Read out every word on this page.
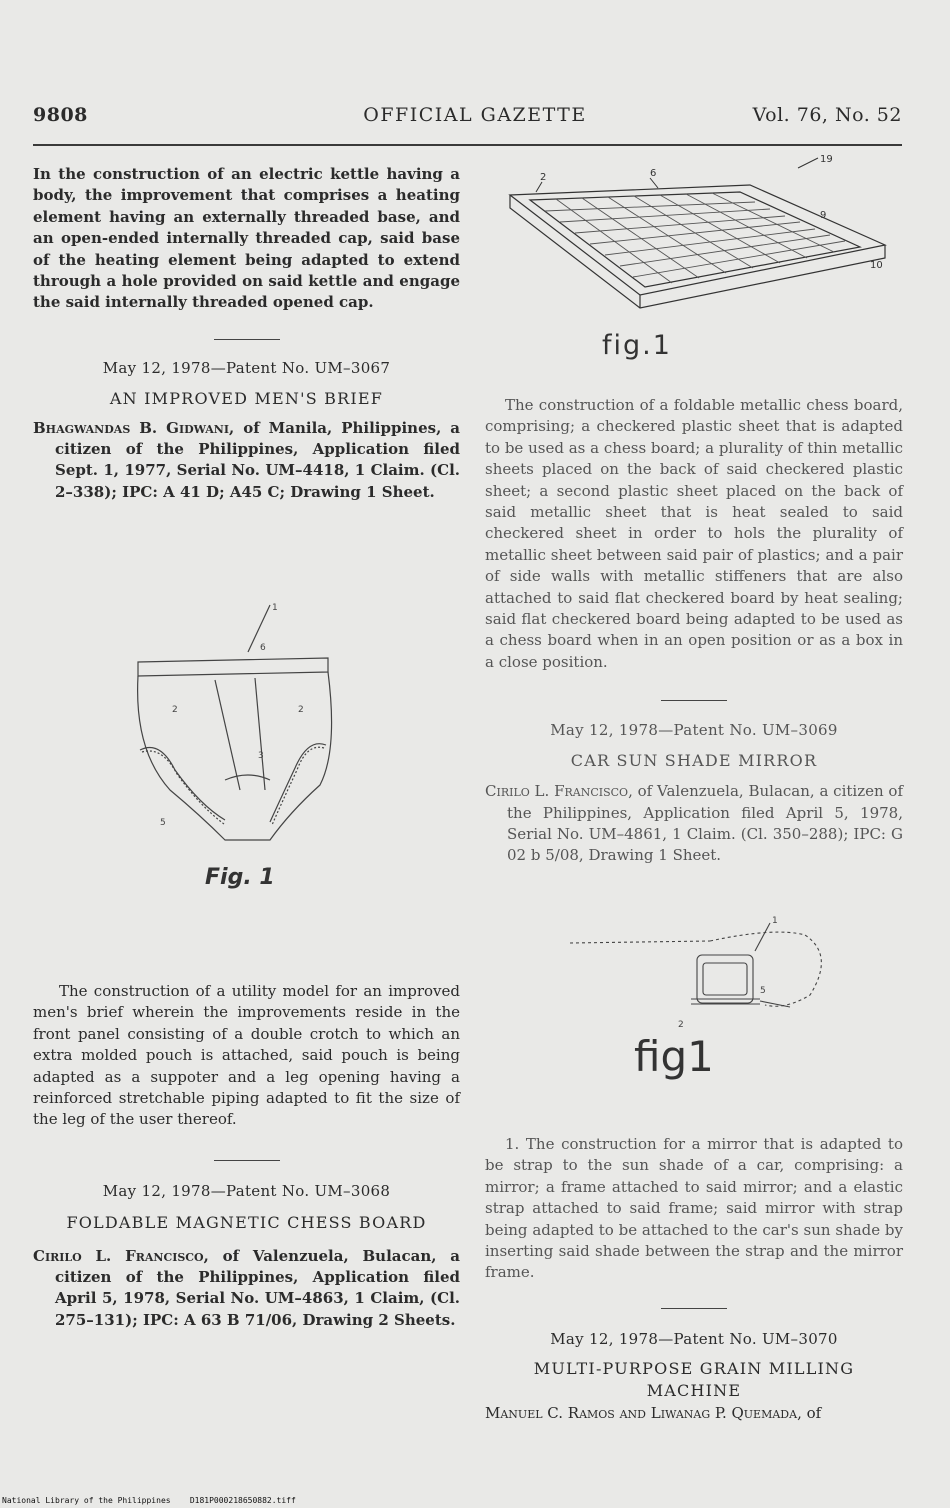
OFFICIAL GAZETTE
9808	Vol. 76, No. 52

In the construction of an electric kettle having a body, the improvement that comprises a heating element having an externally threaded base, and an open-ended internally threaded cap, said base of the heating element being adapted to extend through a hole provided on said kettle and engage the said internally threaded opened cap.

May 12, 1978—Patent No. UM–3067
AN IMPROVED MEN'S BRIEF

Bhagwandas B. Gidwani, of Manila, Philippines, a citizen of the Philippines, Application filed Sept. 1, 1977, Serial No. UM–4418, 1 Claim. (Cl. 2–338); IPC: A 41 D; A45 C; Drawing 1 Sheet.

1
6
2	2
3
5
Fig. 1

The construction of a utility model for an improved men's brief wherein the improvements reside in the front panel consisting of a double crotch to which an extra molded pouch is attached, said pouch is being adapted as a suppoter and a leg opening having a reinforced stretchable piping adapted to fit the size of the leg of the user thereof.

May 12, 1978—Patent No. UM–3068
FOLDABLE MAGNETIC CHESS BOARD

Cirilo L. Francisco, of Valenzuela, Bulacan, a citizen of the Philippines, Application filed April 5, 1978, Serial No. UM–4863, 1 Claim, (Cl. 275–131); IPC: A 63 B 71/06, Drawing 2 Sheets.

19
2	6
9
10
fig.1

The construction of a foldable metallic chess board, comprising; a checkered plastic sheet that is adapted to be used as a chess board; a plurality of thin metallic sheets placed on the back of said checkered plastic sheet; a second plastic sheet placed on the back of said metallic sheet that is heat sealed to said checkered sheet in order to hols the plurality of metallic sheet between said pair of plastics; and a pair of side walls with metallic stiffeners that are also attached to said flat checkered board by heat sealing; said flat checkered board being adapted to be used as a chess board when in an open position or as a box in a close position.

May 12, 1978—Patent No. UM–3069
CAR SUN SHADE MIRROR

Cirilo L. Francisco, of Valenzuela, Bulacan, a citizen of the Philippines, Application filed April 5, 1978, Serial No. UM–4861, 1 Claim. (Cl. 350–288); IPC: G 02 b 5/08, Drawing 1 Sheet.

5
1
2
fig1

1. The construction for a mirror that is adapted to be strap to the sun shade of a car, comprising: a mirror; a frame attached to said mirror; and a elastic strap attached to said frame; said mirror with strap being adapted to be attached to the car's sun shade by inserting said shade between the strap and the mirror frame.

May 12, 1978—Patent No. UM–3070
MULTI-PURPOSE GRAIN MILLING MACHINE

Manuel C. Ramos and Liwanag P. Quemada, of

National Library of the Philippines    D181P000218650882.tiff
